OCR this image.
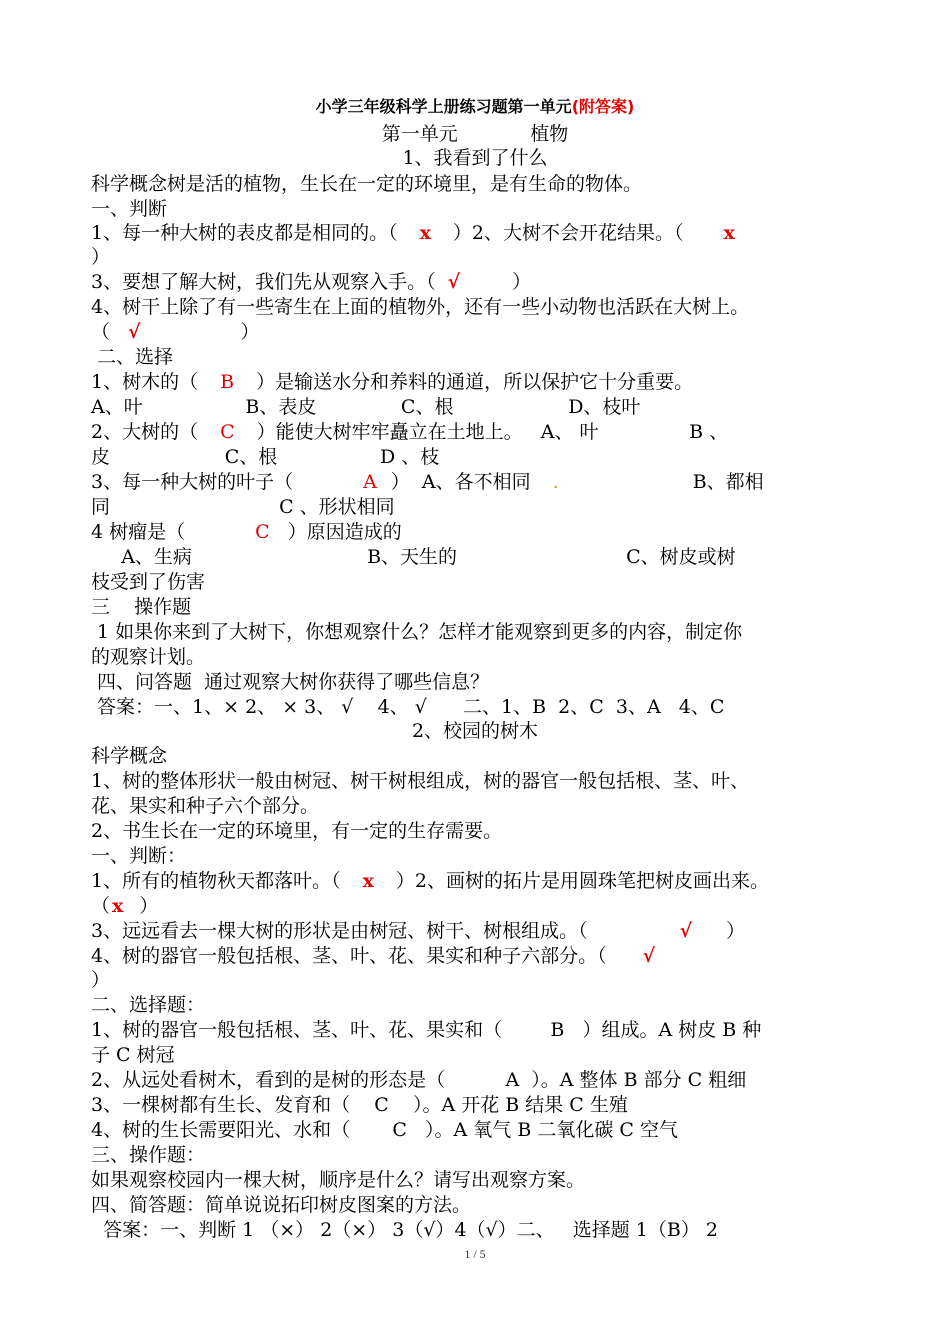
小学三年级科学上册练习题第一单元(附答案)
第一单元            植物
1、我看到了什么
科学概念树是活的植物，生长在一定的环境里，是有生命的物体。
一、判断
1、每一种大树的表皮都是相同的。（ x ）2、大树不会开花结果。（ x
）
3、要想了解大树，我们先从观察入手。（ √	）
4、树干上除了有一些寄生在上面的植物外，还有一些小动物也活跃在大树上。
（ √	）
二、选择
1、树木的（ B ）是输送水分和养料的通道，所以保护它十分重要。
A、叶                 B、表皮              C、根                   D、枝叶
2、大树的（ C ）能使大树牢牢矗立在土地上。   A、 叶               B 、
皮                   C、根                 D 、枝
3、每一种大树的叶子（	A ）  A、各不相同 .	B、都相
同                            C 、形状相同
4 树瘤是（	C ）原因造成的
A、生病                             B、天生的                            C、树皮或树
枝受到了伤害
三    操作题
1 如果你来到了大树下，你想观察什么？怎样才能观察到更多的内容，制定你
的观察计划。
四、问答题  通过观察大树你获得了哪些信息？
答案：一、1、× 2、 × 3、 √    4、 √      二、1、B  2、C  3、A   4、C
2、校园的树木
科学概念
1、树的整体形状一般由树冠、树干树根组成，树的器官一般包括根、茎、叶、
花、果实和种子六个部分。
2、书生长在一定的环境里，有一定的生存需要。
一、判断：
1、所有的植物秋天都落叶。（ x ）2、画树的拓片是用圆珠笔把树皮画出来。
（ x ）
3、远远看去一棵大树的形状是由树冠、树干、树根组成。（	√ ）
4、树的器官一般包括根、茎、叶、花、果实和种子六部分。（ √
）
二、选择题：
1、树的器官一般包括根、茎、叶、花、果实和（        B   ）组成。A 树皮 B 种
子 C 树冠
2、从远处看树木，看到的是树的形态是（          A  ）。A 整体 B 部分 C 粗细
3、一棵树都有生长、发育和（    C    ）。A 开花 B 结果 C 生殖
4、树的生长需要阳光、水和（       C   ）。A 氧气 B 二氧化碳 C 空气
三、操作题：
如果观察校园内一棵大树，顺序是什么？请写出观察方案。
四、简答题：简单说说拓印树皮图案的方法。
答案：一、判断 1 （×） 2（×） 3（√）4（√）二、   选择题 1（B） 2
1 / 5
